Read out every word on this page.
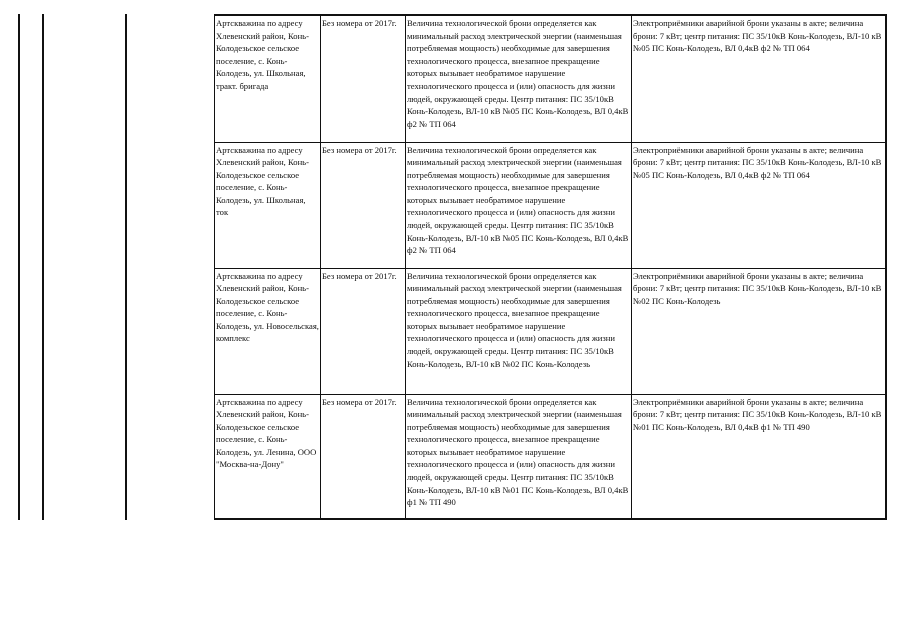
Артскважина по адресу Хлевенский район, Конь-Колодезьское сельское поселение, с. Конь-Колодезь, ул. Школьная, тракт. бригада	Без номера от 2017г.	Величина технологической брони определяется как минимальный расход электрической энергии (наименьшая потребляемая мощность) необходимые для завершения технологического процесса, внезапное прекращение которых вызывает необратимое нарушение технологического процесса и (или) опасность для жизни людей, окружающей среды. Центр питания: ПС 35/10кВ Конь-Колодезь, ВЛ-10 кВ №05 ПС Конь-Колодезь, ВЛ 0,4кВ ф2 № ТП 064	Электроприёмники аварийной брони указаны в акте; величина брони: 7 кВт; центр питания: ПС 35/10кВ Конь-Колодезь, ВЛ-10 кВ №05 ПС Конь-Колодезь, ВЛ 0,4кВ ф2 № ТП 064
Артскважина по адресу Хлевенский район, Конь-Колодезьское сельское поселение, с. Конь-Колодезь, ул. Школьная, ток	Без номера от 2017г.	Величина технологической брони определяется как минимальный расход электрической энергии (наименьшая потребляемая мощность) необходимые для завершения технологического процесса, внезапное прекращение которых вызывает необратимое нарушение технологического процесса и (или) опасность для жизни людей, окружающей среды. Центр питания: ПС 35/10кВ Конь-Колодезь, ВЛ-10 кВ №05 ПС Конь-Колодезь, ВЛ 0,4кВ ф2 № ТП 064	Электроприёмники аварийной брони указаны в акте; величина брони: 7 кВт; центр питания: ПС 35/10кВ Конь-Колодезь, ВЛ-10 кВ №05 ПС Конь-Колодезь, ВЛ 0,4кВ ф2 № ТП 064
Артскважина по адресу Хлевенский район, Конь-Колодезьское сельское поселение, с. Конь-Колодезь, ул. Новосельская, комплекс	Без номера от 2017г.	Величина технологической брони определяется как минимальный расход электрической энергии (наименьшая потребляемая мощность) необходимые для завершения технологического процесса, внезапное прекращение которых вызывает необратимое нарушение технологического процесса и (или) опасность для жизни людей, окружающей среды. Центр питания: ПС 35/10кВ Конь-Колодезь, ВЛ-10 кВ №02 ПС Конь-Колодезь	Электроприёмники аварийной брони указаны в акте; величина брони: 7 кВт; центр питания: ПС 35/10кВ Конь-Колодезь, ВЛ-10 кВ №02 ПС Конь-Колодезь
Артскважина по адресу Хлевенский район, Конь-Колодезьское сельское поселение, с. Конь-Колодезь, ул. Ленина, ООО "Москва-на-Дону"	Без номера от 2017г.	Величина технологической брони определяется как минимальный расход электрической энергии (наименьшая потребляемая мощность) необходимые для завершения технологического процесса, внезапное прекращение которых вызывает необратимое нарушение технологического процесса и (или) опасность для жизни людей, окружающей среды. Центр питания: ПС 35/10кВ Конь-Колодезь, ВЛ-10 кВ №01 ПС Конь-Колодезь, ВЛ 0,4кВ ф1 № ТП 490	Электроприёмники аварийной брони указаны в акте; величина брони: 7 кВт; центр питания: ПС 35/10кВ Конь-Колодезь, ВЛ-10 кВ №01 ПС Конь-Колодезь, ВЛ 0,4кВ ф1 № ТП 490
